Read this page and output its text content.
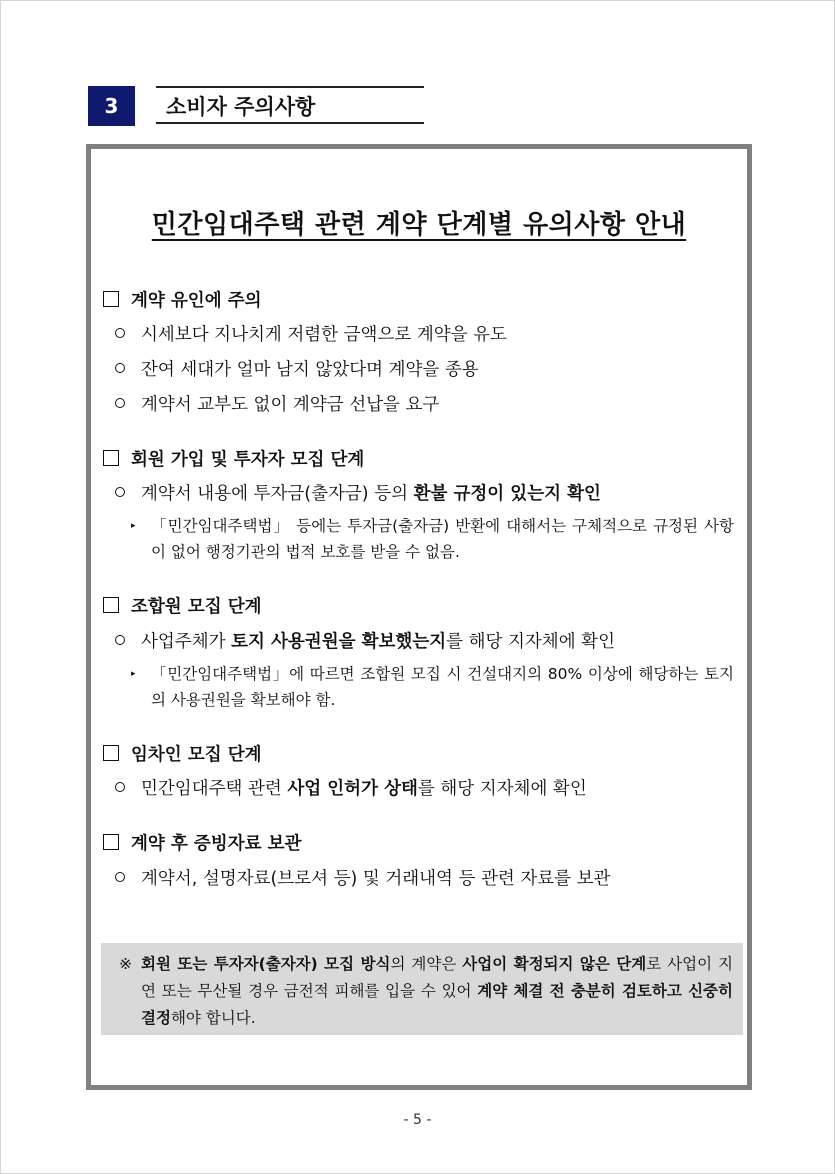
3	소비자 주의사항
민간임대주택 관련 계약 단계별 유의사항 안내
계약 유인에 주의
시세보다 지나치게 저렴한 금액으로 계약을 유도
잔여 세대가 얼마 남지 않았다며 계약을 종용
계약서 교부도 없이 계약금 선납을 요구
회원 가입 및 투자자 모집 단계
계약서 내용에 투자금(출자금) 등의 환불 규정이 있는지 확인
▸ 「민간임대주택법」 등에는 투자금(출자금) 반환에 대해서는 구체적으로 규정된 사항이 없어 행정기관의 법적 보호를 받을 수 없음.
조합원 모집 단계
사업주체가 토지 사용권원을 확보했는지를 해당 지자체에 확인
▸ 「민간임대주택법」에 따르면 조합원 모집 시 건설대지의 80% 이상에 해당하는 토지의 사용권원을 확보해야 함.
임차인 모집 단계
민간임대주택 관련 사업 인허가 상태를 해당 지자체에 확인
계약 후 증빙자료 보관
계약서, 설명자료(브로셔 등) 및 거래내역 등 관련 자료를 보관
※ 회원 또는 투자자(출자자) 모집 방식의 계약은 사업이 확정되지 않은 단계로 사업이 지연 또는 무산될 경우 금전적 피해를 입을 수 있어 계약 체결 전 충분히 검토하고 신중히 결정해야 합니다.
- 5 -
